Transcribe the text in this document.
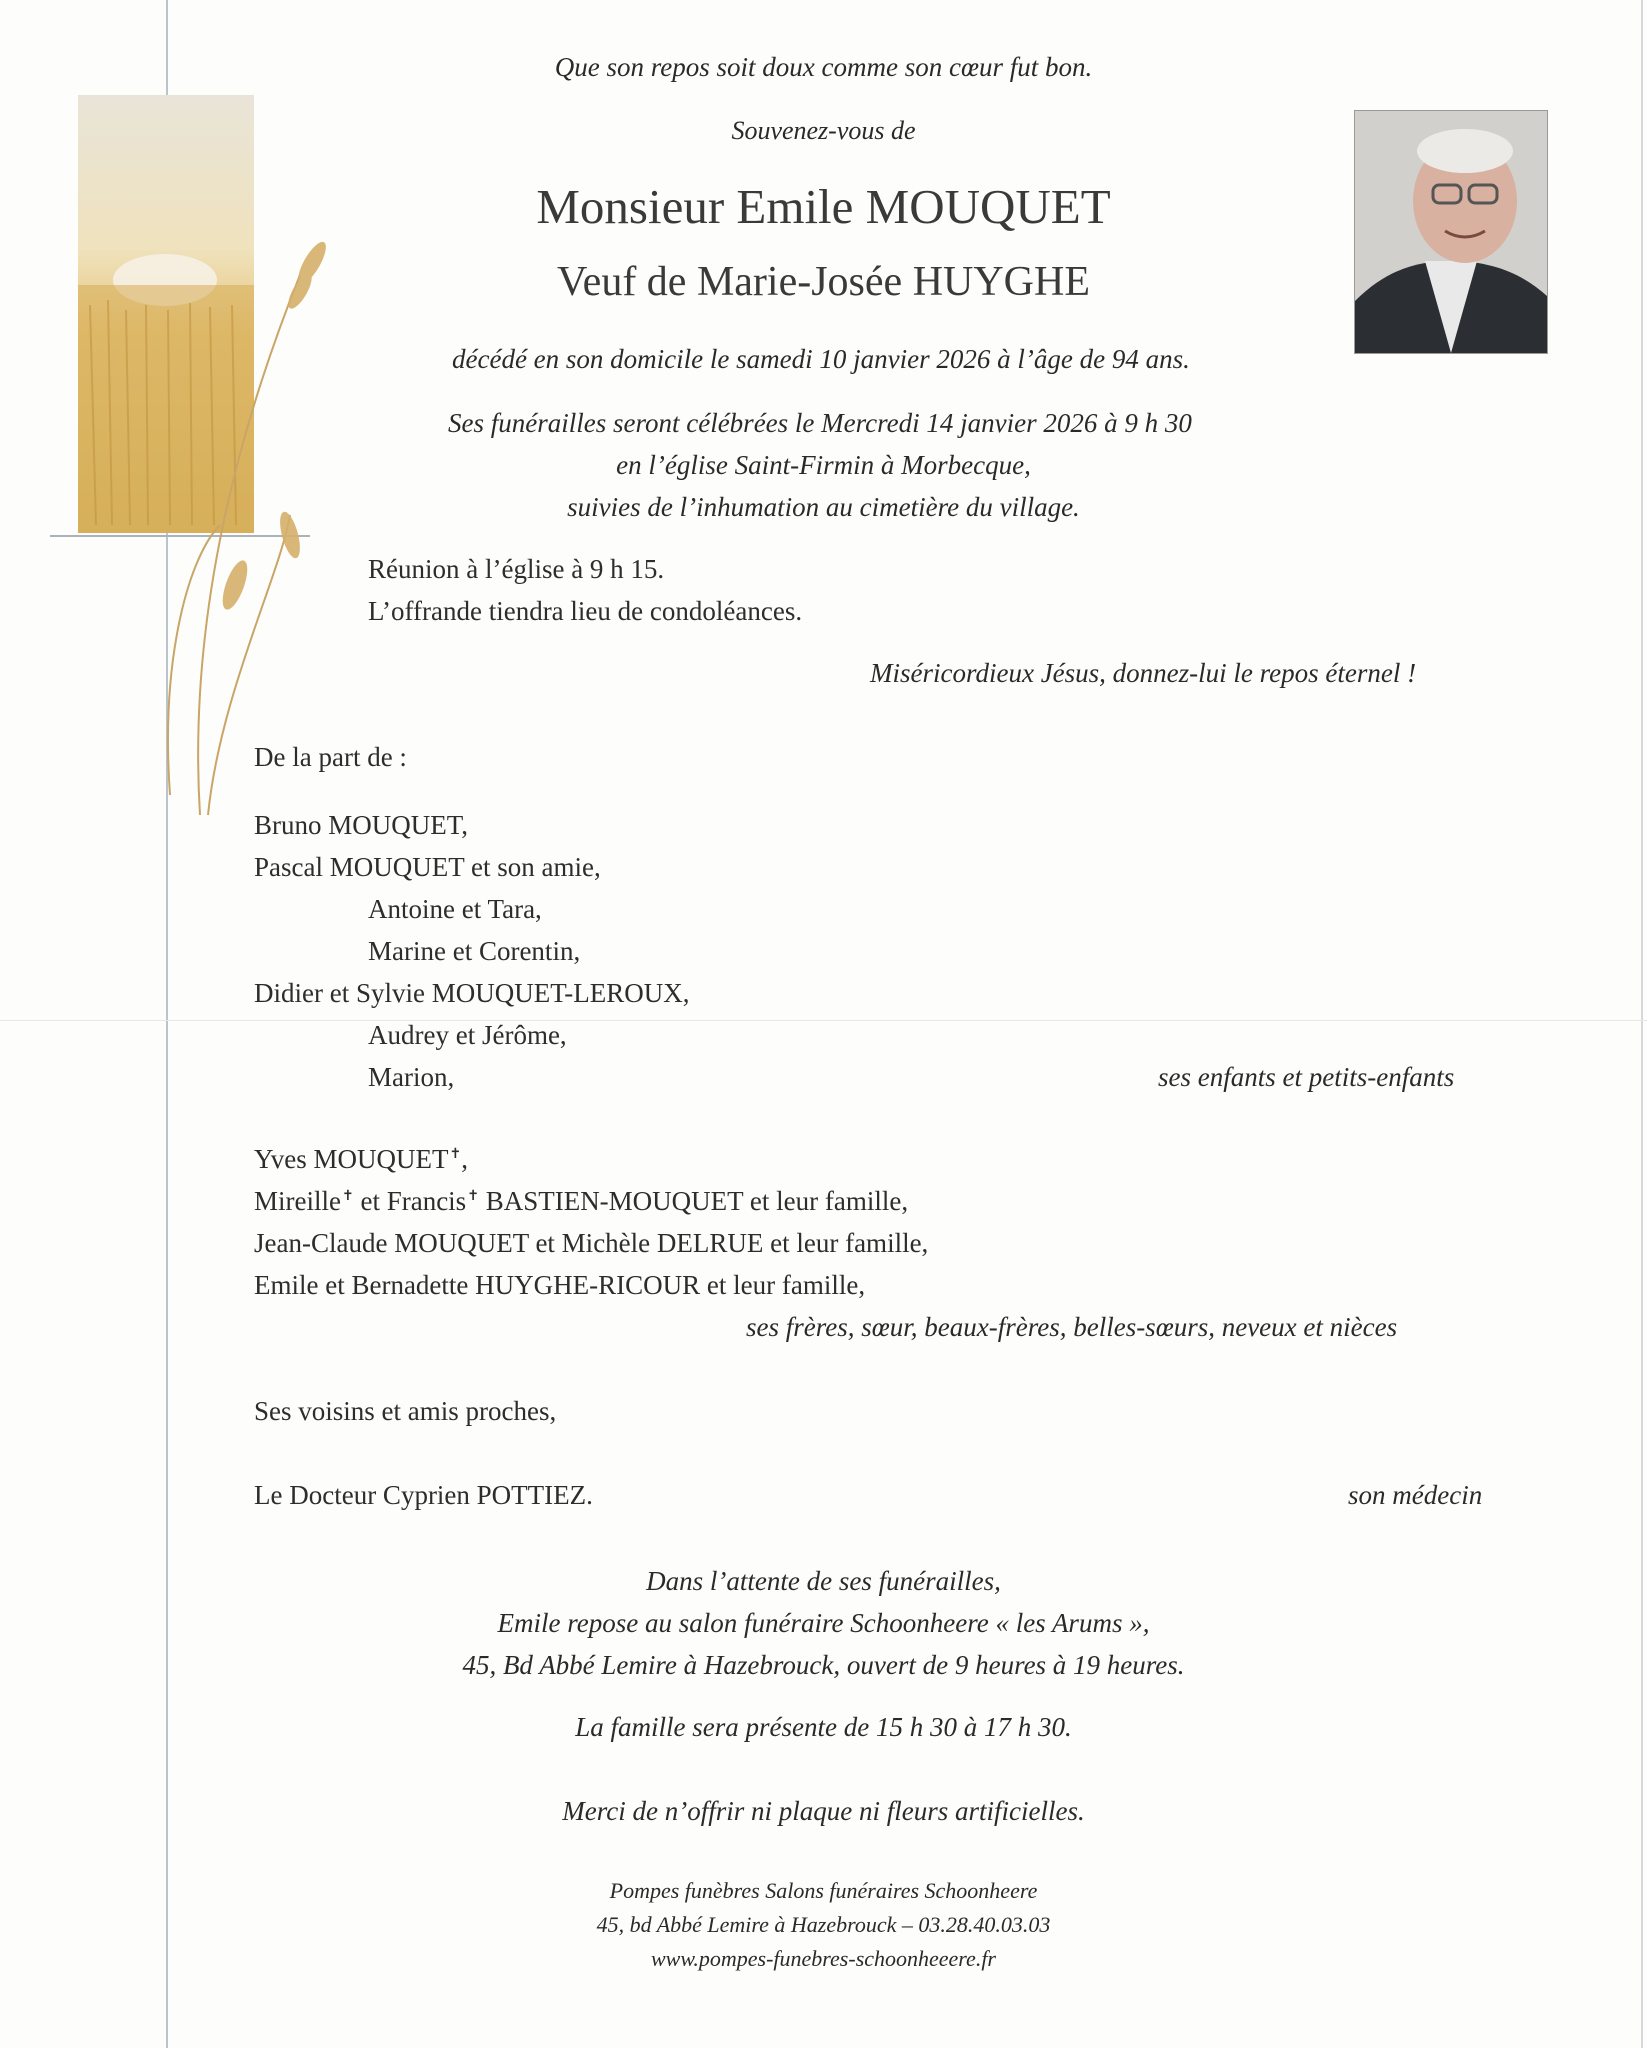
Que son repos soit doux comme son cœur fut bon.
Souvenez-vous de
Monsieur Emile MOUQUET
Veuf de Marie-Josée HUYGHE
décédé en son domicile le samedi 10 janvier 2026 à l’âge de 94 ans.
Ses funérailles seront célébrées le Mercredi 14 janvier 2026 à 9 h 30
en l’église Saint-Firmin à Morbecque,
suivies de l’inhumation au cimetière du village.
Réunion à l’église à 9 h 15.
L’offrande tiendra lieu de condoléances.
Miséricordieux Jésus, donnez-lui le repos éternel !
De la part de :
Bruno MOUQUET,
Pascal MOUQUET et son amie,
Antoine et Tara,
Marine et Corentin,
Didier et Sylvie MOUQUET-LEROUX,
Audrey et Jérôme,
Marion,	ses enfants et petits-enfants
Yves MOUQUET✝,
Mireille✝ et Francis✝ BASTIEN-MOUQUET et leur famille,
Jean-Claude MOUQUET et Michèle DELRUE et leur famille,
Emile et Bernadette HUYGHE-RICOUR et leur famille,
ses frères, sœur, beaux-frères, belles-sœurs, neveux et nièces
Ses voisins et amis proches,
Le Docteur Cyprien POTTIEZ.	son médecin
Dans l’attente de ses funérailles,
Emile repose au salon funéraire Schoonheere « les Arums »,
45, Bd Abbé Lemire à Hazebrouck, ouvert de 9 heures à 19 heures.
La famille sera présente de 15 h 30 à 17 h 30.
Merci de n’offrir ni plaque ni fleurs artificielles.
Pompes funèbres Salons funéraires Schoonheere
45, bd Abbé Lemire à Hazebrouck – 03.28.40.03.03
www.pompes-funebres-schoonheeere.fr
